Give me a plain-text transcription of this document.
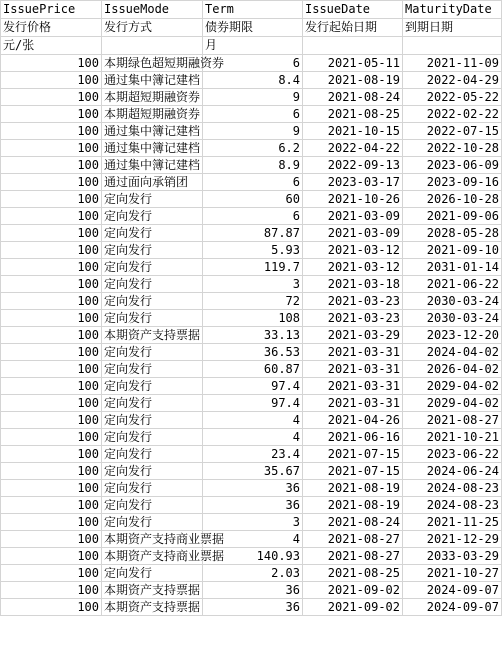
IssuePrice	IssueMode	Term	IssueDate	MaturityDate
发行价格	发行方式	债券期限	发行起始日期	到期日期
元/张		月		
100	本期绿色超短期融资券	6	2021-05-11	2021-11-09
100	通过集中簿记建档	8.4	2021-08-19	2022-04-29
100	本期超短期融资券	9	2021-08-24	2022-05-22
100	本期超短期融资券	6	2021-08-25	2022-02-22
100	通过集中簿记建档	9	2021-10-15	2022-07-15
100	通过集中簿记建档	6.2	2022-04-22	2022-10-28
100	通过集中簿记建档	8.9	2022-09-13	2023-06-09
100	通过面向承销团	6	2023-03-17	2023-09-16
100	定向发行	60	2021-10-26	2026-10-28
100	定向发行	6	2021-03-09	2021-09-06
100	定向发行	87.87	2021-03-09	2028-05-28
100	定向发行	5.93	2021-03-12	2021-09-10
100	定向发行	119.7	2021-03-12	2031-01-14
100	定向发行	3	2021-03-18	2021-06-22
100	定向发行	72	2021-03-23	2030-03-24
100	定向发行	108	2021-03-23	2030-03-24
100	本期资产支持票据	33.13	2021-03-29	2023-12-20
100	定向发行	36.53	2021-03-31	2024-04-02
100	定向发行	60.87	2021-03-31	2026-04-02
100	定向发行	97.4	2021-03-31	2029-04-02
100	定向发行	97.4	2021-03-31	2029-04-02
100	定向发行	4	2021-04-26	2021-08-27
100	定向发行	4	2021-06-16	2021-10-21
100	定向发行	23.4	2021-07-15	2023-06-22
100	定向发行	35.67	2021-07-15	2024-06-24
100	定向发行	36	2021-08-19	2024-08-23
100	定向发行	36	2021-08-19	2024-08-23
100	定向发行	3	2021-08-24	2021-11-25
100	本期资产支持商业票据	4	2021-08-27	2021-12-29
100	本期资产支持商业票据	140.93	2021-08-27	2033-03-29
100	定向发行	2.03	2021-08-25	2021-10-27
100	本期资产支持票据	36	2021-09-02	2024-09-07
100	本期资产支持票据	36	2021-09-02	2024-09-07
